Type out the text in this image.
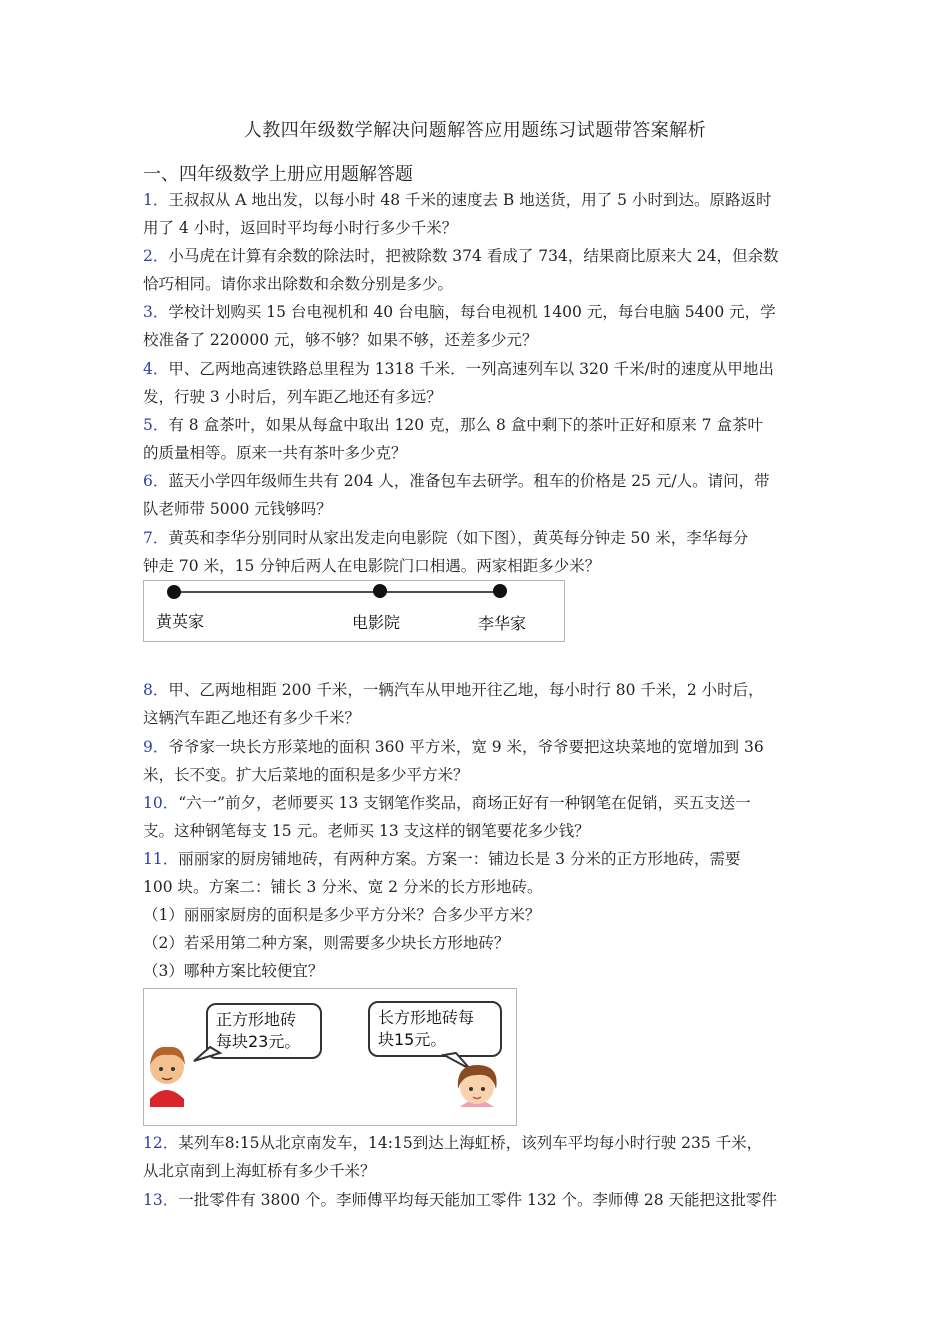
人教四年级数学解决问题解答应用题练习试题带答案解析
一、四年级数学上册应用题解答题
1．王叔叔从 A 地出发，以每小时 48 千米的速度去 B 地送货，用了 5 小时到达。原路返时
用了 4 小时，返回时平均每小时行多少千米？
2．小马虎在计算有余数的除法时，把被除数 374 看成了 734，结果商比原来大 24，但余数
恰巧相同。请你求出除数和余数分别是多少。
3．学校计划购买 15 台电视机和 40 台电脑，每台电视机 1400 元，每台电脑 5400 元，学
校准备了 220000 元，够不够？如果不够，还差多少元？
4．甲、乙两地高速铁路总里程为 1318 千米．一列高速列车以 320 千米/时的速度从甲地出
发，行驶 3 小时后，列车距乙地还有多远？
5．有 8 盒茶叶，如果从每盒中取出 120 克，那么 8 盒中剩下的茶叶正好和原来 7 盒茶叶
的质量相等。原来一共有茶叶多少克？
6．蓝天小学四年级师生共有 204 人，准备包车去研学。租车的价格是 25 元/人。请问，带
队老师带 5000 元钱够吗？
7．黄英和李华分别同时从家出发走向电影院（如下图），黄英每分钟走 50 米，李华每分
钟走 70 米，15 分钟后两人在电影院门口相遇。两家相距多少米？
8．甲、乙两地相距 200 千米，一辆汽车从甲地开往乙地，每小时行 80 千米，2 小时后，
这辆汽车距乙地还有多少千米？
9．爷爷家一块长方形菜地的面积 360 平方米，宽 9 米，爷爷要把这块菜地的宽增加到 36
米，长不变。扩大后菜地的面积是多少平方米？
10．“六一”前夕，老师要买 13 支钢笔作奖品，商场正好有一种钢笔在促销，买五支送一
支。这种钢笔每支 15 元。老师买 13 支这样的钢笔要花多少钱？
11．丽丽家的厨房铺地砖，有两种方案。方案一：铺边长是 3 分米的正方形地砖，需要
100 块。方案二：铺长 3 分米、宽 2 分米的长方形地砖。
（1）丽丽家厨房的面积是多少平方分米？合多少平方米？
（2）若采用第二种方案，则需要多少块长方形地砖？
（3）哪种方案比较便宜？
12．某列车8:15从北京南发车，14:15到达上海虹桥，该列车平均每小时行驶 235 千米，
从北京南到上海虹桥有多少千米？
13．一批零件有 3800 个。李师傅平均每天能加工零件 132 个。李师傅 28 天能把这批零件
黄英家	电影院	李华家
正方形地砖
每块23元。
长方形地砖每
块15元。
